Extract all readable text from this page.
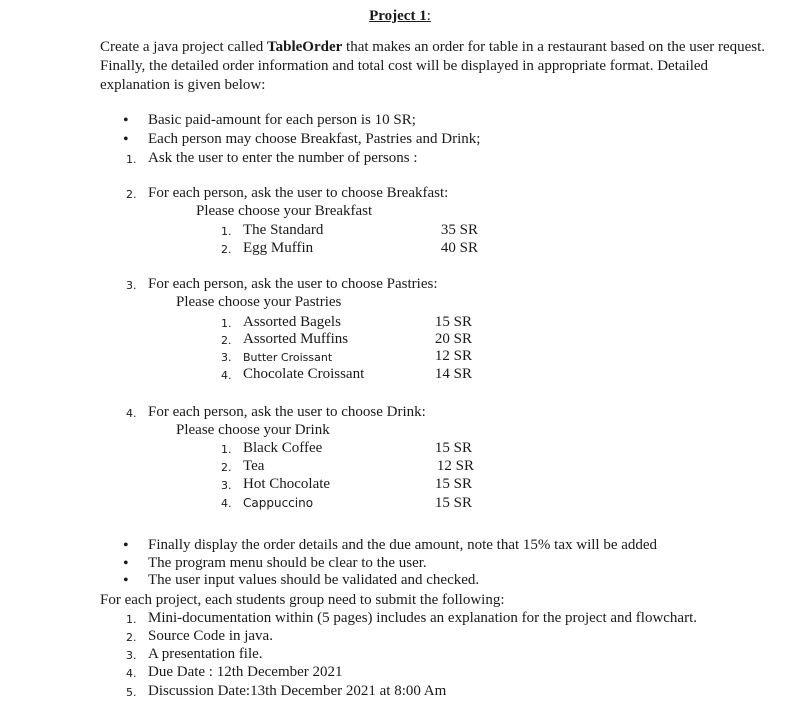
Project 1:
Create a java project called TableOrder that makes an order for table in a restaurant based on the user request. Finally, the detailed order information and total cost will be displayed in appropriate format. Detailed explanation is given below:
• Basic paid-amount for each person is 10 SR;
• Each person may choose Breakfast, Pastries and Drink;
1. Ask the user to enter the number of persons :
2. For each person, ask the user to choose Breakfast:
Please choose your Breakfast
1. The Standard	35 SR
2. Egg Muffin	40 SR
3. For each person, ask the user to choose Pastries:
Please choose your Pastries
1. Assorted Bagels	15 SR
2. Assorted Muffins	20 SR
3. Butter Croissant	12 SR
4. Chocolate Croissant	14 SR
4. For each person, ask the user to choose Drink:
Please choose your Drink
1. Black Coffee	15 SR
2. Tea	12 SR
3. Hot Chocolate	15 SR
4. Cappuccino	15 SR
• Finally display the order details and the due amount, note that 15% tax will be added
• The program menu should be clear to the user.
• The user input values should be validated and checked.
For each project, each students group need to submit the following:
1. Mini-documentation within (5 pages) includes an explanation for the project and flowchart.
2. Source Code in java.
3. A presentation file.
4. Due Date : 12th December 2021
5. Discussion Date:13th December 2021 at 8:00 Am
